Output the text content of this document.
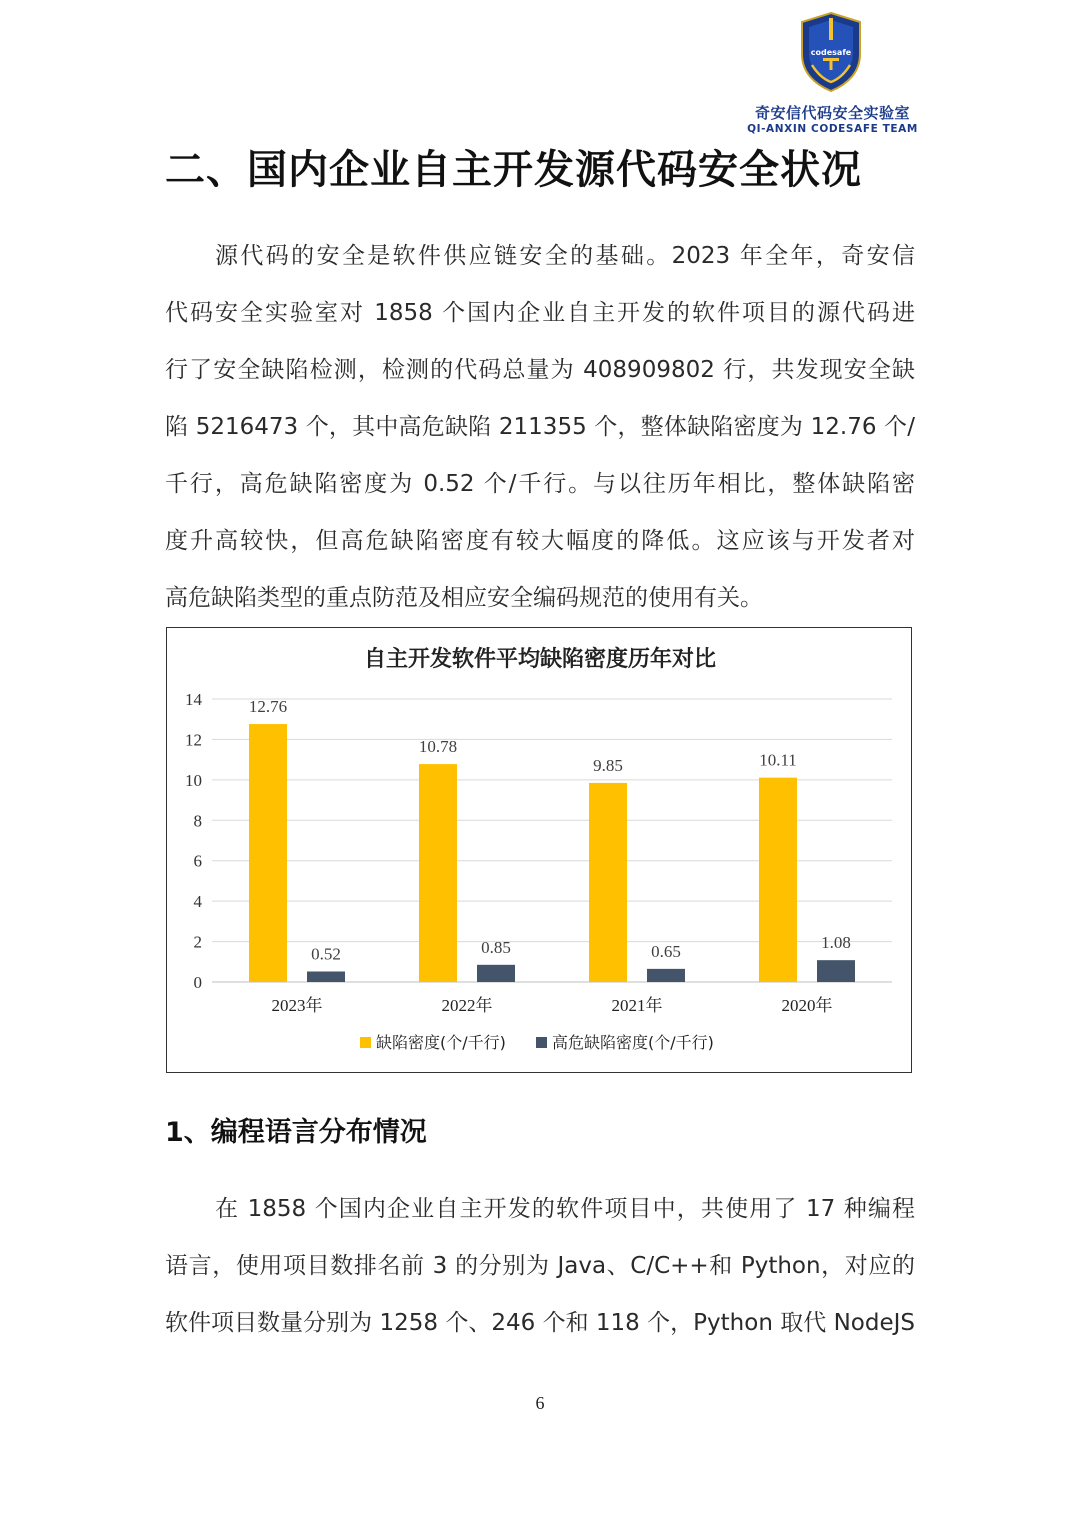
codesafe
奇安信代码安全实验室
QI-ANXIN CODESAFE TEAM
二、国内企业自主开发源代码安全状况
源代码的安全是软件供应链安全的基础。2023 年全年，奇安信
代码安全实验室对 1858 个国内企业自主开发的软件项目的源代码进
行了安全缺陷检测，检测的代码总量为 408909802 行，共发现安全缺
陷 5216473 个，其中高危缺陷 211355 个，整体缺陷密度为 12.76 个/
千行，高危缺陷密度为 0.52 个/千行。与以往历年相比，整体缺陷密
度升高较快，但高危缺陷密度有较大幅度的降低。这应该与开发者对
高危缺陷类型的重点防范及相应安全编码规范的使用有关。
自主开发软件平均缺陷密度历年对比
0
2
4
6
8
10
12
14	12.76
0.52
2023年
10.78
0.85
2022年
9.85
0.65
2021年
10.11
1.08
2020年
缺陷密度(个/千行)	高危缺陷密度(个/千行)
1、编程语言分布情况
在 1858 个国内企业自主开发的软件项目中，共使用了 17 种编程
语言，使用项目数排名前 3 的分别为 Java、C/C++和 Python，对应的
软件项目数量分别为 1258 个、246 个和 118 个，Python 取代 NodeJS
6
